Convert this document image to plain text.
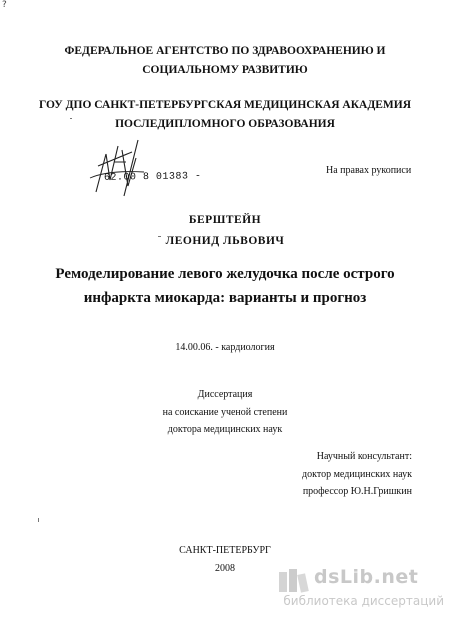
?
ФЕДЕРАЛЬНОЕ АГЕНТСТВО ПО ЗДРАВООХРАНЕНИЮ И
СОЦИАЛЬНОМУ РАЗВИТИЮ
ГОУ ДПО САНКТ-ПЕТЕРБУРГСКАЯ МЕДИЦИНСКАЯ АКАДЕМИЯ
ПОСЛЕДИПЛОМНОГО ОБРАЗОВАНИЯ
62.00 8 01383 -
На правах рукописи
БЕРШТЕЙН
ЛЕОНИД ЛЬВОВИЧ
Ремоделирование левого желудочка после острого
инфаркта миокарда: варианты и прогноз
14.00.06. - кардиология
Диссертация
на соискание ученой степени
доктора медицинских наук
Научный консультант:
доктор медицинских наук
профессор Ю.Н.Гришкин
САНКТ-ПЕТЕРБУРГ
2008	dsLib.net
библиотека диссертаций
